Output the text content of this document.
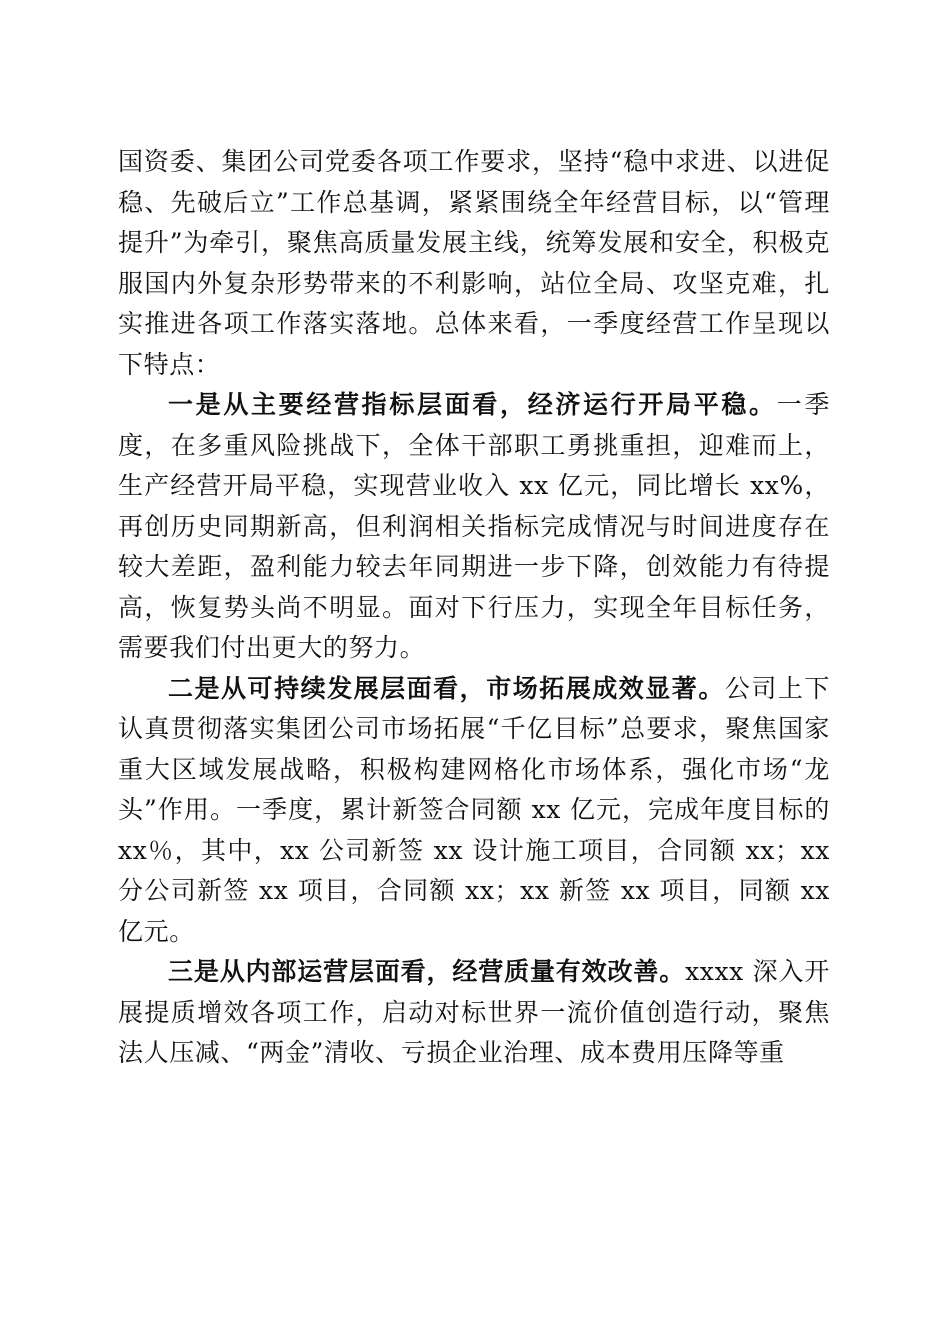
国资委、集团公司党委各项工作要求，坚持“稳中求进、以进促稳、先破后立”工作总基调，紧紧围绕全年经营目标，以“管理提升”为牵引，聚焦高质量发展主线，统筹发展和安全，积极克服国内外复杂形势带来的不利影响，站位全局、攻坚克难，扎实推进各项工作落实落地。总体来看，一季度经营工作呈现以下特点：

一是从主要经营指标层面看，经济运行开局平稳。一季度，在多重风险挑战下，全体干部职工勇挑重担，迎难而上，生产经营开局平稳，实现营业收入 xx 亿元，同比增长 xx%，再创历史同期新高，但利润相关指标完成情况与时间进度存在较大差距，盈利能力较去年同期进一步下降，创效能力有待提高，恢复势头尚不明显。面对下行压力，实现全年目标任务，需要我们付出更大的努力。

二是从可持续发展层面看，市场拓展成效显著。公司上下认真贯彻落实集团公司市场拓展“千亿目标”总要求，聚焦国家重大区域发展战略，积极构建网格化市场体系，强化市场“龙头”作用。一季度，累计新签合同额 xx 亿元，完成年度目标的 xx％，其中，xx 公司新签 xx 设计施工项目，合同额 xx；xx 分公司新签 xx 项目，合同额 xx；xx 新签 xx 项目，同额 xx 亿元。

三是从内部运营层面看，经营质量有效改善。xxxx 深入开展提质增效各项工作，启动对标世界一流价值创造行动，聚焦法人压减、“两金”清收、亏损企业治理、成本费用压降等重
